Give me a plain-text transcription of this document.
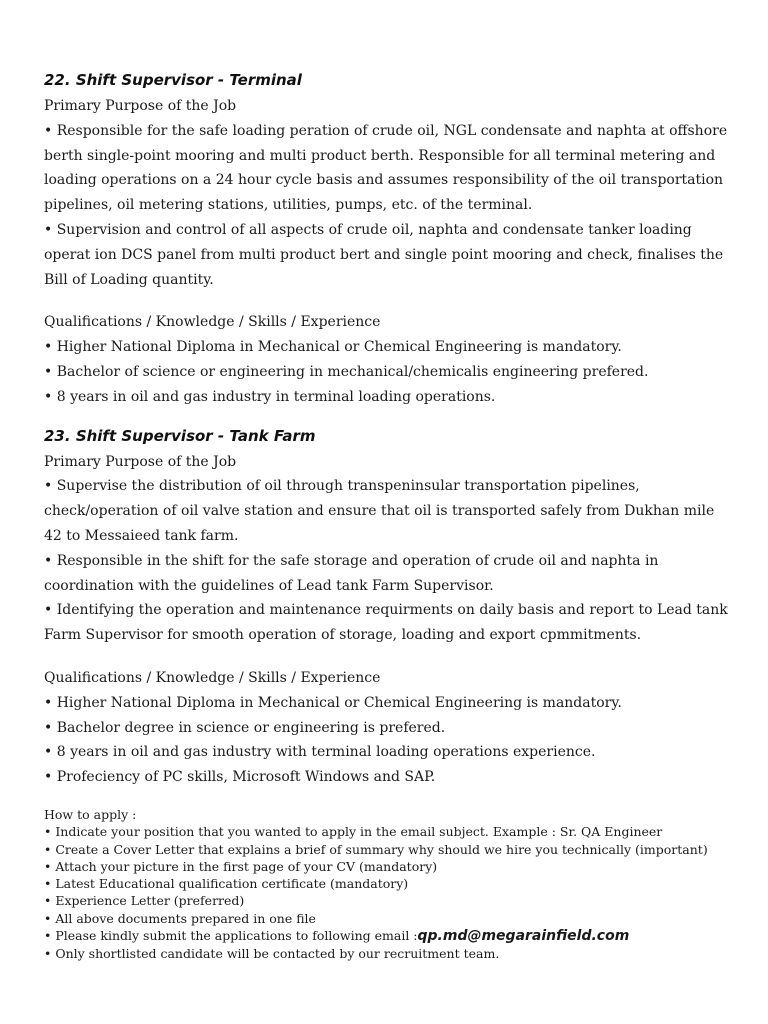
22. Shift Supervisor - Terminal

Primary Purpose of the Job

• Responsible for the safe loading peration of crude oil, NGL condensate and naphta at offshore berth single-point mooring and multi product berth. Responsible for all terminal metering and loading operations on a 24 hour cycle basis and assumes responsibility of the oil transportation pipelines, oil metering stations, utilities, pumps, etc. of the terminal.

• Supervision and control of all aspects of crude oil, naphta and condensate tanker loading operat ion DCS panel from multi product bert and single point mooring and check, finalises the Bill of Loading quantity.

Qualifications / Knowledge / Skills / Experience

• Higher National Diploma in Mechanical or Chemical Engineering is mandatory.

• Bachelor of science or engineering in mechanical/chemicalis engineering prefered.

• 8 years in oil and gas industry in terminal loading operations.

23. Shift Supervisor - Tank Farm

Primary Purpose of the Job

• Supervise the distribution of oil through transpeninsular transportation pipelines, check/operation of oil valve station and ensure that oil is transported safely from Dukhan mile 42 to Messaieed tank farm.

• Responsible in the shift for the safe storage and operation of crude oil and naphta in coordination with the guidelines of Lead tank Farm Supervisor.

• Identifying the operation and maintenance requirments on daily basis and report to Lead tank Farm Supervisor for smooth operation of storage, loading and export cpmmitments.

Qualifications / Knowledge / Skills / Experience

• Higher National Diploma in Mechanical or Chemical Engineering is mandatory.

• Bachelor degree in science or engineering is prefered.

• 8 years in oil and gas industry with terminal loading operations experience.

• Profeciency of PC skills, Microsoft Windows and SAP.

How to apply :
• Indicate your position that you wanted to apply in the email subject. Example : Sr. QA Engineer
• Create a Cover Letter that explains a brief of summary why should we hire you technically (important)
• Attach your picture in the first page of your CV (mandatory)
• Latest Educational qualification certificate (mandatory)
• Experience Letter (preferred)
• All above documents prepared in one file
• Please kindly submit the applications to following email :qp.md@megarainfield.com
• Only shortlisted candidate will be contacted by our recruitment team.
